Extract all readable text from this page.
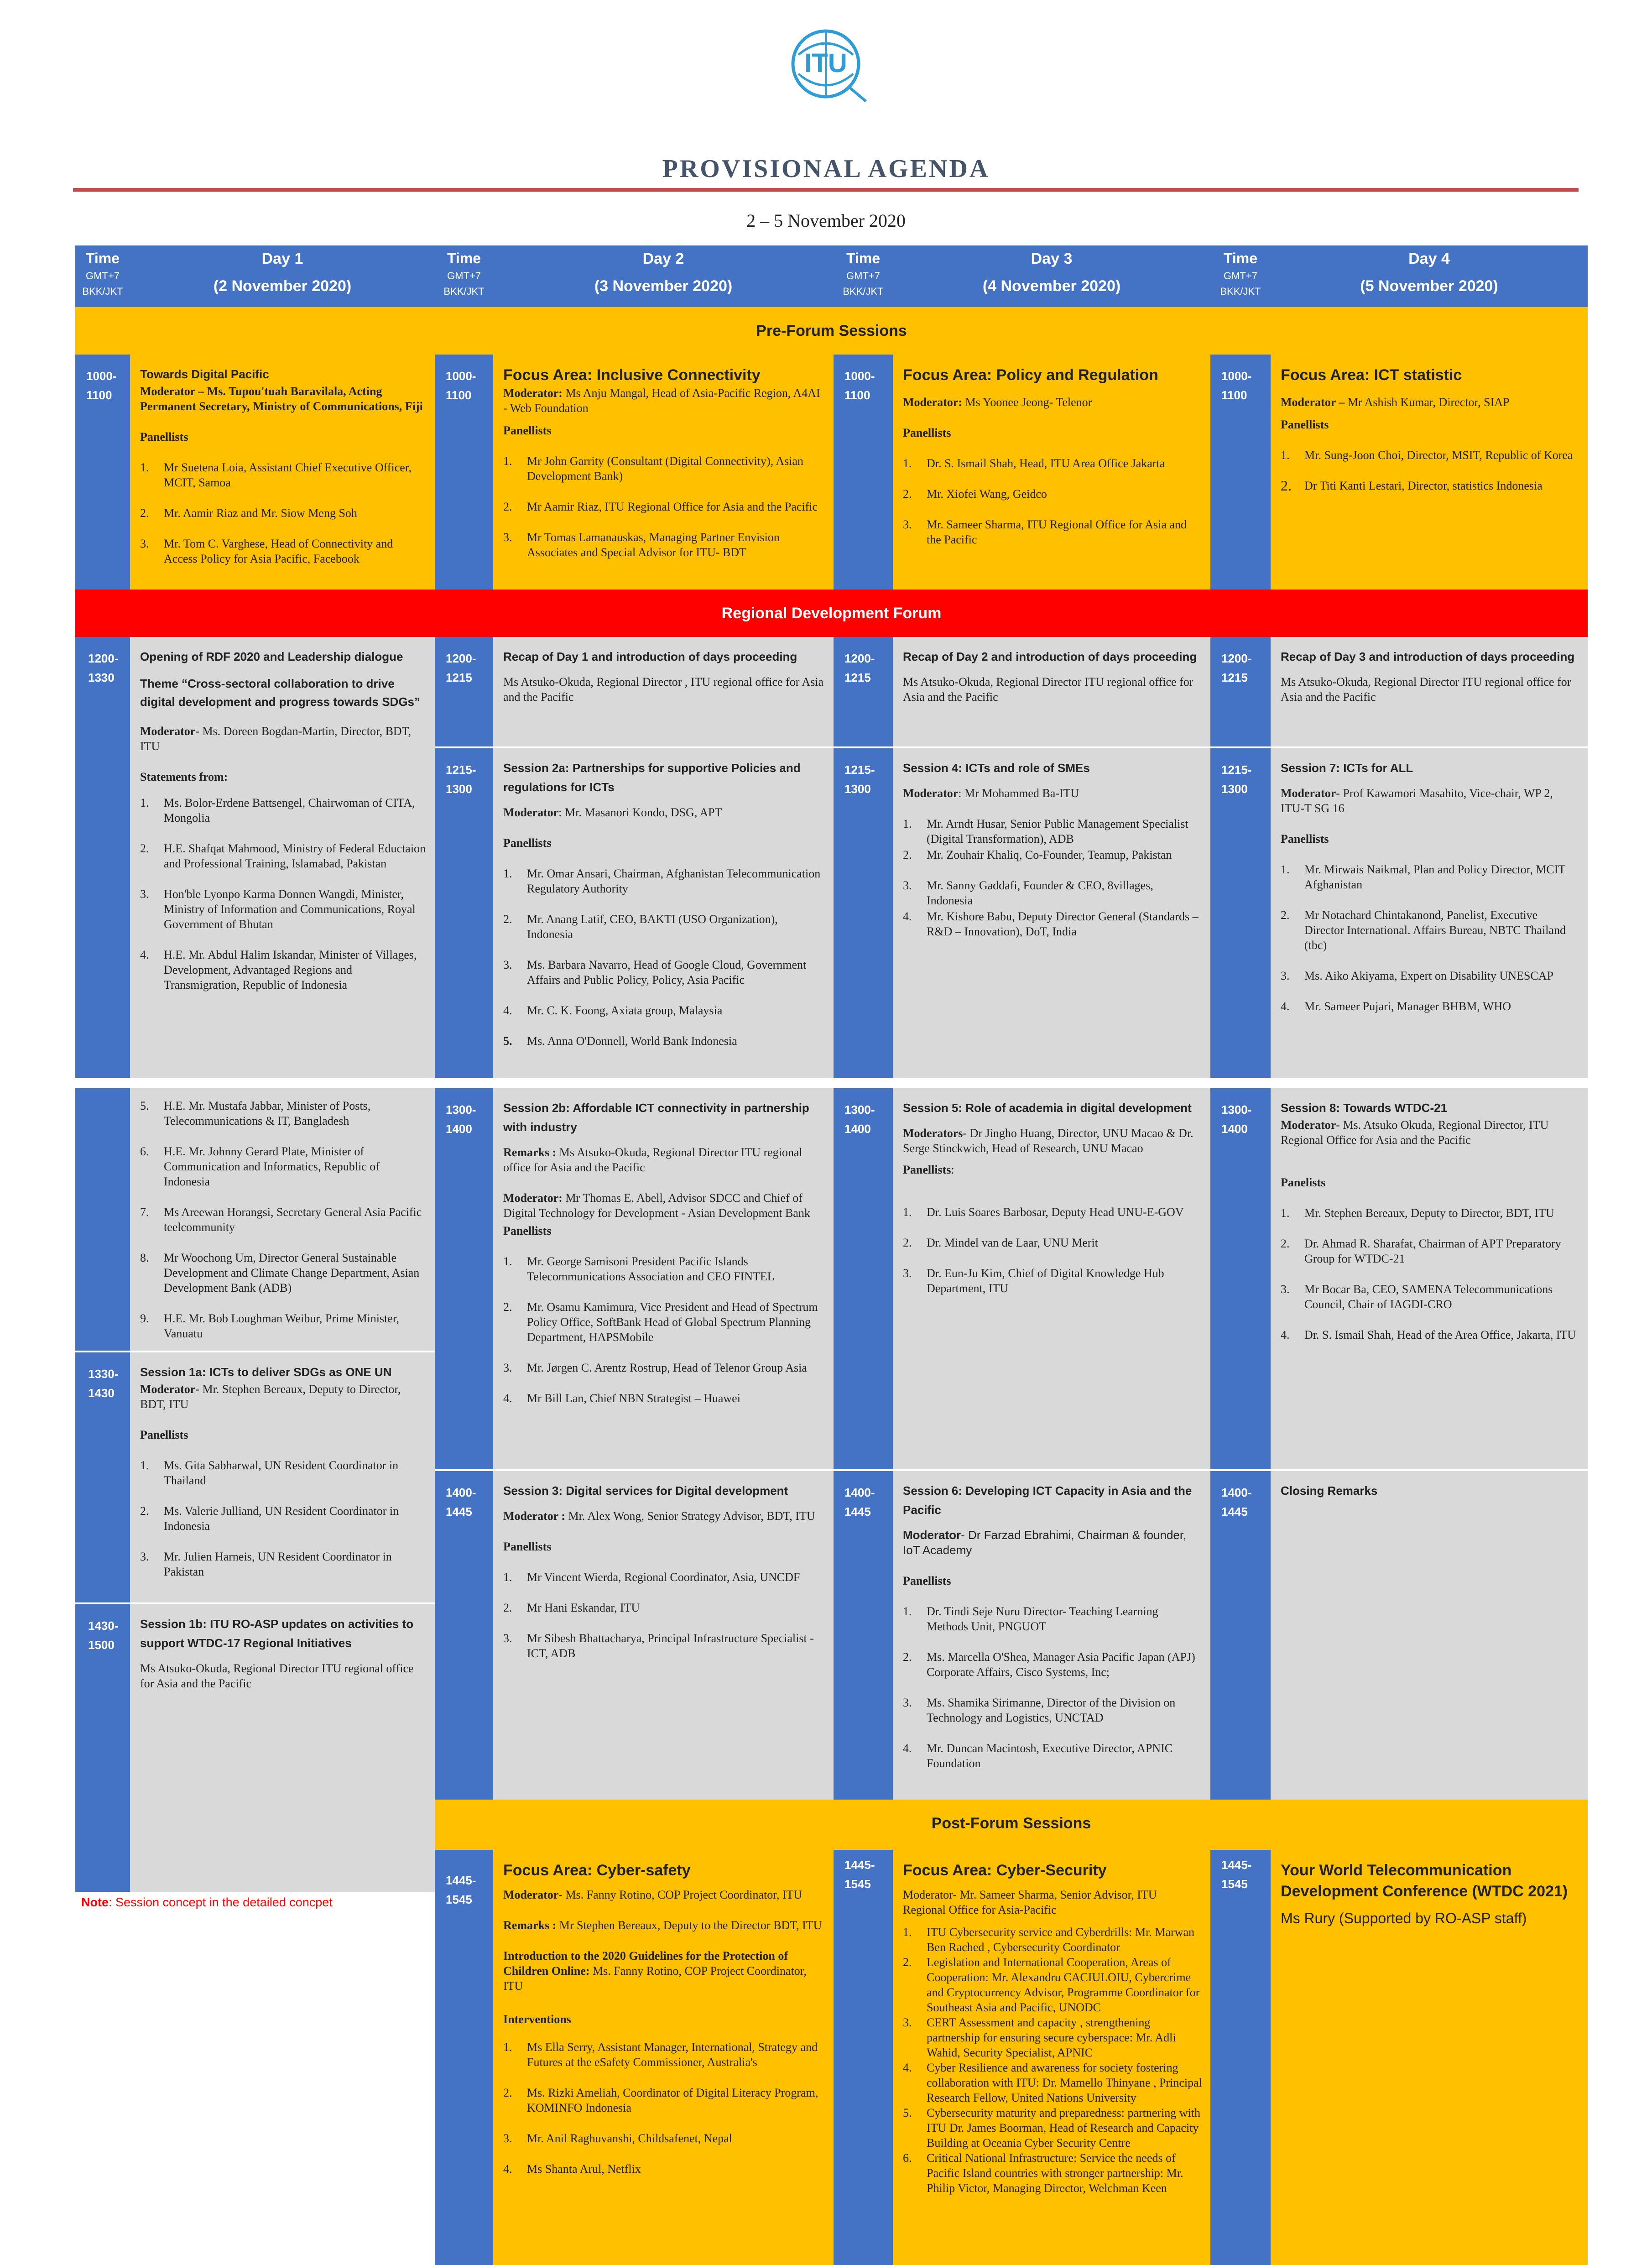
ITU
PROVISIONAL AGENDA
2 – 5 November 2020
Time
GMT+7
BKK/JKT
Day 1
(2 November 2020)
Time
GMT+7
BKK/JKT
Day 2
(3 November 2020)
Time
GMT+7
BKK/JKT
Day 3
(4 November 2020)
Time
GMT+7
BKK/JKT
Day 4
(5 November 2020)
Pre-Forum Sessions
1000-
1100
Towards Digital Pacific

Moderator – Ms. Tupou'tuah Baravilala, Acting Permanent Secretary, Ministry of Communications, Fiji

Panellists

1. Mr Suetena Loia, Assistant Chief Executive Officer, MCIT, Samoa
2. Mr. Aamir Riaz and Mr. Siow Meng Soh
3. Mr. Tom C. Varghese, Head of Connectivity and Access Policy for Asia Pacific, Facebook
1000-
1100
Focus Area: Inclusive Connectivity

Moderator: Ms Anju Mangal, Head of Asia-Pacific Region, A4AI - Web Foundation

Panellists

1. Mr John Garrity (Consultant (Digital Connectivity), Asian Development Bank)
2. Mr Aamir Riaz, ITU Regional Office for Asia and the Pacific
3. Mr Tomas Lamanauskas, Managing Partner Envision Associates and Special Advisor for ITU- BDT
1000-
1100
Focus Area: Policy and Regulation

Moderator: Ms Yoonee Jeong- Telenor

Panellists

1. Dr. S. Ismail Shah, Head, ITU Area Office Jakarta
2. Mr. Xiofei Wang, Geidco
3. Mr. Sameer Sharma, ITU Regional Office for Asia and the Pacific
1000-
1100
Focus Area: ICT statistic

Moderator – Mr Ashish Kumar, Director, SIAP

Panellists

1. Mr. Sung-Joon Choi, Director, MSIT, Republic of Korea
2. Dr Titi Kanti Lestari, Director, statistics Indonesia
Regional Development Forum
1200-
1330
Opening of RDF 2020 and Leadership dialogue

Theme “Cross-sectoral collaboration to drive digital development and progress towards SDGs”

Moderator- Ms. Doreen Bogdan-Martin, Director, BDT, ITU

Statements from:

1. Ms. Bolor-Erdene Battsengel, Chairwoman of CITA, Mongolia
2. H.E. Shafqat Mahmood, Ministry of Federal Eductaion and Professional Training, Islamabad, Pakistan
3. Hon'ble Lyonpo Karma Donnen Wangdi, Minister, Ministry of Information and Communications, Royal Government of Bhutan
4. H.E. Mr. Abdul Halim Iskandar, Minister of Villages, Development, Advantaged Regions and Transmigration, Republic of Indonesia
1200-
1215
Recap of Day 1 and introduction of days proceeding

Ms Atsuko-Okuda, Regional Director , ITU regional office for Asia and the Pacific

1200-
1215
Recap of Day 2 and introduction of days proceeding

Ms Atsuko-Okuda, Regional Director ITU regional office for Asia and the Pacific

1200-
1215
Recap of Day 3 and introduction of days proceeding

Ms Atsuko-Okuda, Regional Director ITU regional office for Asia and the Pacific

1215-
1300
Session 2a: Partnerships for supportive Policies and regulations for ICTs

Moderator: Mr. Masanori Kondo, DSG, APT

Panellists

1. Mr. Omar Ansari, Chairman, Afghanistan Telecommunication Regulatory Authority
2. Mr. Anang Latif, CEO, BAKTI (USO Organization), Indonesia
3. Ms. Barbara Navarro, Head of Google Cloud, Government Affairs and Public Policy, Policy, Asia Pacific
4. Mr. C. K. Foong, Axiata group, Malaysia
5. Ms. Anna O'Donnell, World Bank Indonesia
1215-
1300
Session 4: ICTs and role of SMEs

Moderator: Mr Mohammed Ba-ITU

1. Mr. Arndt Husar, Senior Public Management Specialist (Digital Transformation), ADB
2. Mr. Zouhair Khaliq, Co-Founder, Teamup, Pakistan
3. Mr. Sanny Gaddafi, Founder & CEO, 8villages, Indonesia
4. Mr. Kishore Babu, Deputy Director General (Standards – R&D – Innovation), DoT, India
1215-
1300
Session 7: ICTs for ALL

Moderator- Prof Kawamori Masahito, Vice-chair, WP 2, ITU-T SG 16

Panellists

1. Mr. Mirwais Naikmal, Plan and Policy Director, MCIT Afghanistan
2. Mr Notachard Chintakanond, Panelist, Executive Director International. Affairs Bureau, NBTC Thailand (tbc)
3. Ms. Aiko Akiyama, Expert on Disability UNESCAP
4. Mr. Sameer Pujari, Manager BHBM, WHO
5. H.E. Mr. Mustafa Jabbar, Minister of Posts, Telecommunications & IT, Bangladesh
6. H.E. Mr. Johnny Gerard Plate, Minister of Communication and Informatics, Republic of Indonesia
7. Ms Areewan Horangsi, Secretary General Asia Pacific teelcommunity
8. Mr Woochong Um, Director General Sustainable Development and Climate Change Department, Asian Development Bank (ADB)
9. H.E. Mr. Bob Loughman Weibur, Prime Minister, Vanuatu
1300-
1400
Session 2b: Affordable ICT connectivity in partnership with industry

Remarks : Ms Atsuko-Okuda, Regional Director ITU regional office for Asia and the Pacific

Moderator: Mr Thomas E. Abell, Advisor SDCC and Chief of Digital Technology for Development - Asian Development Bank

Panellists

1. Mr. George Samisoni President Pacific Islands Telecommunications Association and CEO FINTEL
2. Mr. Osamu Kamimura, Vice President and Head of Spectrum Policy Office, SoftBank Head of Global Spectrum Planning Department, HAPSMobile
3. Mr. Jørgen C. Arentz Rostrup, Head of Telenor Group Asia
4. Mr Bill Lan, Chief NBN Strategist – Huawei
1300-
1400
Session 5: Role of academia in digital development

Moderators- Dr Jingho Huang, Director, UNU Macao & Dr. Serge Stinckwich, Head of Research, UNU Macao

Panellists:

1. Dr. Luis Soares Barbosar, Deputy Head UNU-E-GOV
2. Dr. Mindel van de Laar, UNU Merit
3. Dr. Eun-Ju Kim, Chief of Digital Knowledge Hub Department, ITU
1300-
1400
Session 8: Towards WTDC-21

Moderator- Ms. Atsuko Okuda, Regional Director, ITU Regional Office for Asia and the Pacific

Panelists

1. Mr. Stephen Bereaux, Deputy to Director, BDT, ITU
2. Dr. Ahmad R. Sharafat, Chairman of APT Preparatory Group for WTDC-21
3. Mr Bocar Ba, CEO, SAMENA Telecommunications Council, Chair of IAGDI-CRO
4. Dr. S. Ismail Shah, Head of the Area Office, Jakarta, ITU
1330-
1430
Session 1a: ICTs to deliver SDGs as ONE UN

Moderator- Mr. Stephen Bereaux, Deputy to Director, BDT, ITU

Panellists

1. Ms. Gita Sabharwal, UN Resident Coordinator in Thailand
2. Ms. Valerie Julliand, UN Resident Coordinator in Indonesia
3. Mr. Julien Harneis, UN Resident Coordinator in Pakistan
1430-
1500
Session 1b: ITU RO-ASP updates on activities to support WTDC-17 Regional Initiatives

Ms Atsuko-Okuda, Regional Director ITU regional office for Asia and the Pacific

1400-
1445
Session 3: Digital services for Digital development

Moderator : Mr. Alex Wong, Senior Strategy Advisor, BDT, ITU

Panellists

1. Mr Vincent Wierda, Regional Coordinator, Asia, UNCDF
2. Mr Hani Eskandar, ITU
3. Mr Sibesh Bhattacharya, Principal Infrastructure Specialist - ICT, ADB
1400-
1445
Session 6: Developing ICT Capacity in Asia and the Pacific

Moderator- Dr Farzad Ebrahimi, Chairman & founder, IoT Academy

Panellists

1. Dr. Tindi Seje Nuru Director- Teaching Learning Methods Unit, PNGUOT
2. Ms. Marcella O'Shea, Manager Asia Pacific Japan (APJ) Corporate Affairs, Cisco Systems, Inc;
3. Ms. Shamika Sirimanne, Director of the Division on Technology and Logistics, UNCTAD
4. Mr. Duncan Macintosh, Executive Director, APNIC Foundation
1400-
1445
Closing Remarks
Note: Session concept in the detailed concpet
Post-Forum Sessions
1445-
1545
Focus Area: Cyber-safety

Moderator- Ms. Fanny Rotino, COP Project Coordinator, ITU

Remarks : Mr Stephen Bereaux, Deputy to the Director BDT, ITU

Introduction to the 2020 Guidelines for the Protection of Children Online: Ms. Fanny Rotino, COP Project Coordinator, ITU

Interventions

1. Ms Ella Serry, Assistant Manager, International, Strategy and Futures at the eSafety Commissioner, Australia's
2. Ms. Rizki Ameliah, Coordinator of Digital Literacy Program, KOMINFO Indonesia
3. Mr. Anil Raghuvanshi, Childsafenet, Nepal
4. Ms Shanta Arul, Netflix
1445-
1545
Focus Area: Cyber-Security

Moderator- Mr. Sameer Sharma, Senior Advisor, ITU Regional Office for Asia-Pacific

1. ITU Cybersecurity service and Cyberdrills: Mr. Marwan Ben Rached , Cybersecurity Coordinator
2. Legislation and International Cooperation, Areas of Cooperation: Mr. Alexandru CACIULOIU, Cybercrime and Cryptocurrency Advisor, Programme Coordinator for Southeast Asia and Pacific, UNODC
3. CERT Assessment and capacity , strengthening partnership for ensuring secure cyberspace: Mr. Adli Wahid, Security Specialist, APNIC
4. Cyber Resilience and awareness for society fostering collaboration with ITU: Dr. Mamello Thinyane , Principal Research Fellow, United Nations University
5. Cybersecurity maturity and preparedness: partnering with ITU Dr. James Boorman, Head of Research and Capacity Building at Oceania Cyber Security Centre
6. Critical National Infrastructure: Service the needs of Pacific Island countries with stronger partnership: Mr. Philip Victor, Managing Director, Welchman Keen
1445-
1545
Your World Telecommunication Development Conference (WTDC 2021)

Ms Rury (Supported by RO-ASP staff)
